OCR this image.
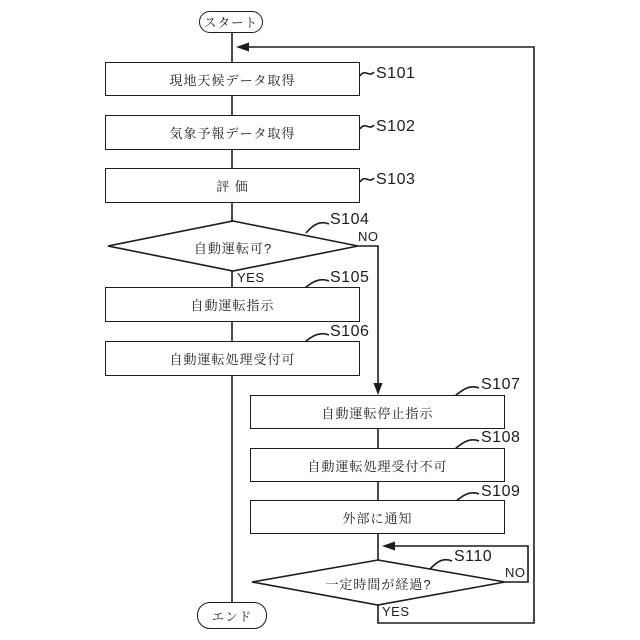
スタート
エンド
現地天候データ取得
気象予報データ取得
評 価
自動運転指示
自動運転処理受付可
自動運転停止指示
自動運転処理受付不可
外部に通知
自動運転可?
一定時間が経過?
S101
S102
S103
S104
S105
S106
S107
S108
S109
S110
NO
YES
NO
YES
